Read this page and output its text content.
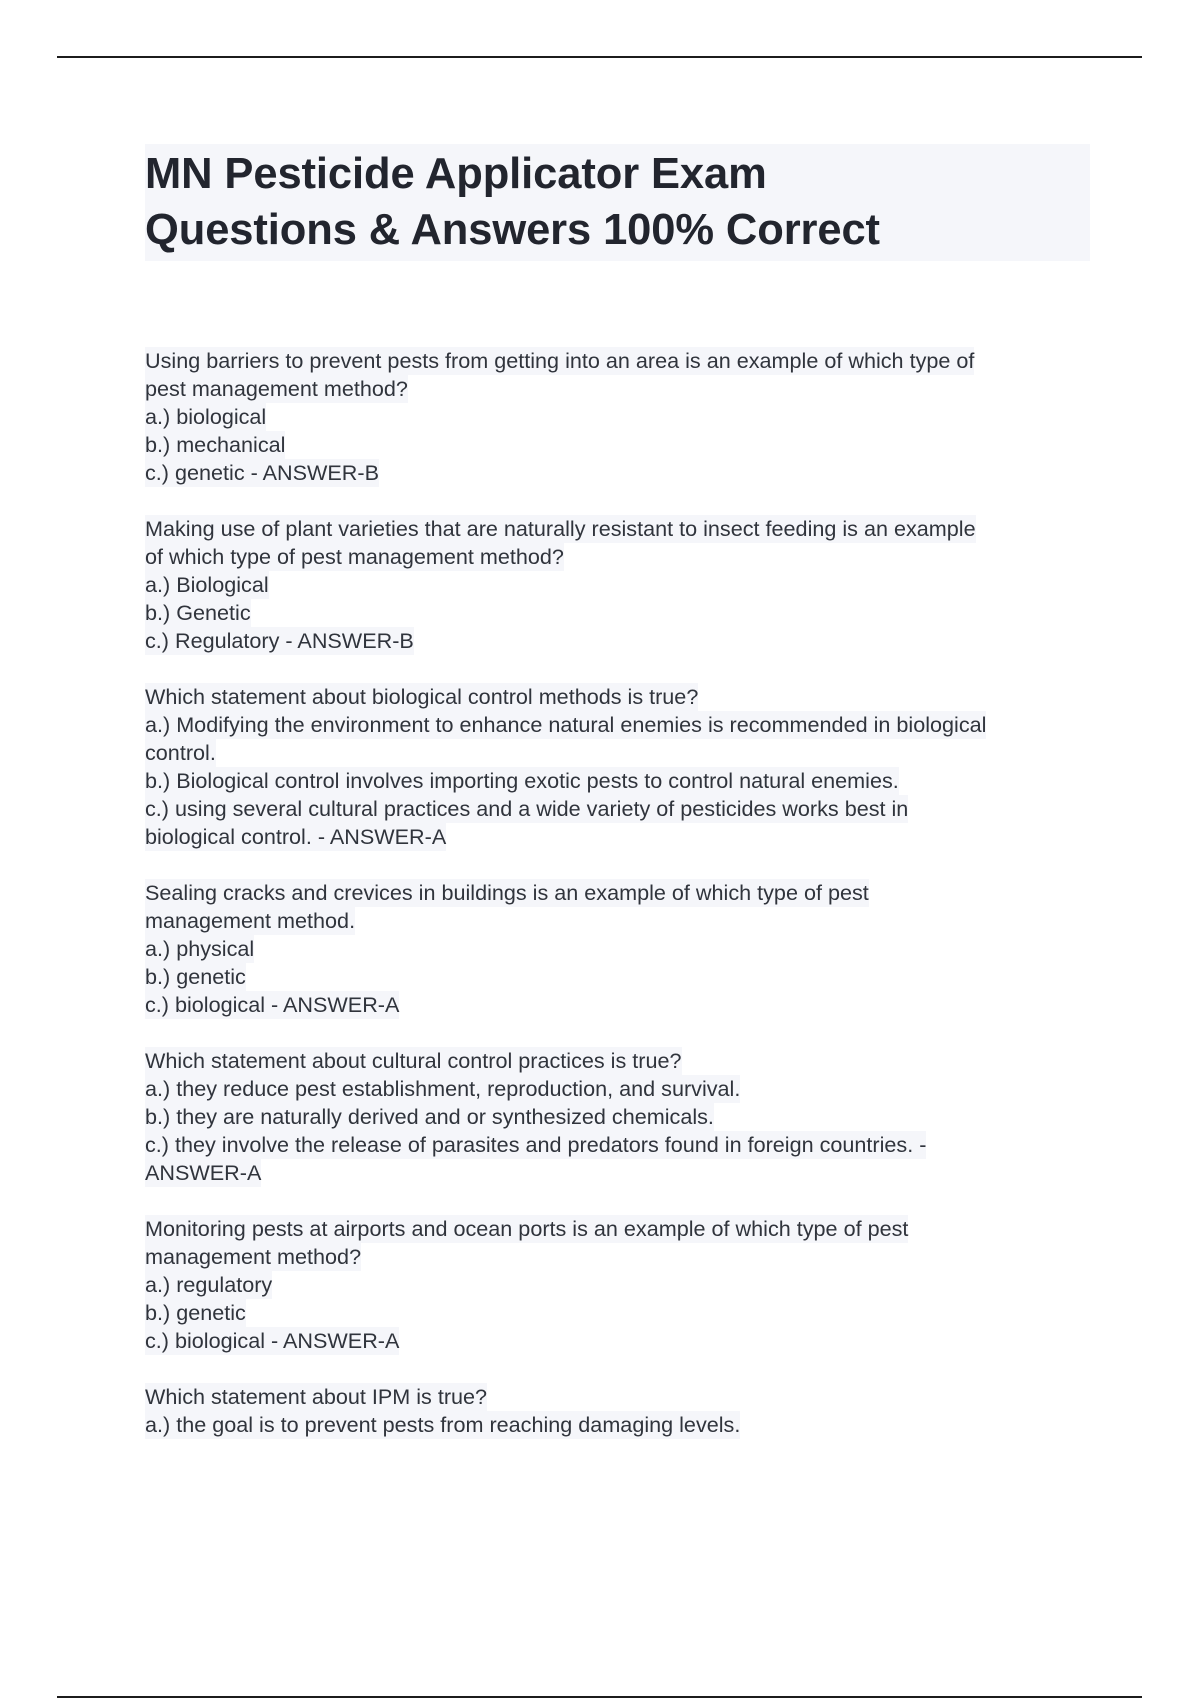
MN Pesticide Applicator Exam
Questions & Answers 100% Correct
Using barriers to prevent pests from getting into an area is an example of which type of
pest management method?
a.) biological
b.) mechanical
c.) genetic - ANSWER-B
Making use of plant varieties that are naturally resistant to insect feeding is an example
of which type of pest management method?
a.) Biological
b.) Genetic
c.) Regulatory - ANSWER-B
Which statement about biological control methods is true?
a.) Modifying the environment to enhance natural enemies is recommended in biological
control.
b.) Biological control involves importing exotic pests to control natural enemies.
c.) using several cultural practices and a wide variety of pesticides works best in
biological control. - ANSWER-A
Sealing cracks and crevices in buildings is an example of which type of pest
management method.
a.) physical
b.) genetic
c.) biological - ANSWER-A
Which statement about cultural control practices is true?
a.) they reduce pest establishment, reproduction, and survival.
b.) they are naturally derived and or synthesized chemicals.
c.) they involve the release of parasites and predators found in foreign countries. -
ANSWER-A
Monitoring pests at airports and ocean ports is an example of which type of pest
management method?
a.) regulatory
b.) genetic
c.) biological - ANSWER-A
Which statement about IPM is true?
a.) the goal is to prevent pests from reaching damaging levels.
